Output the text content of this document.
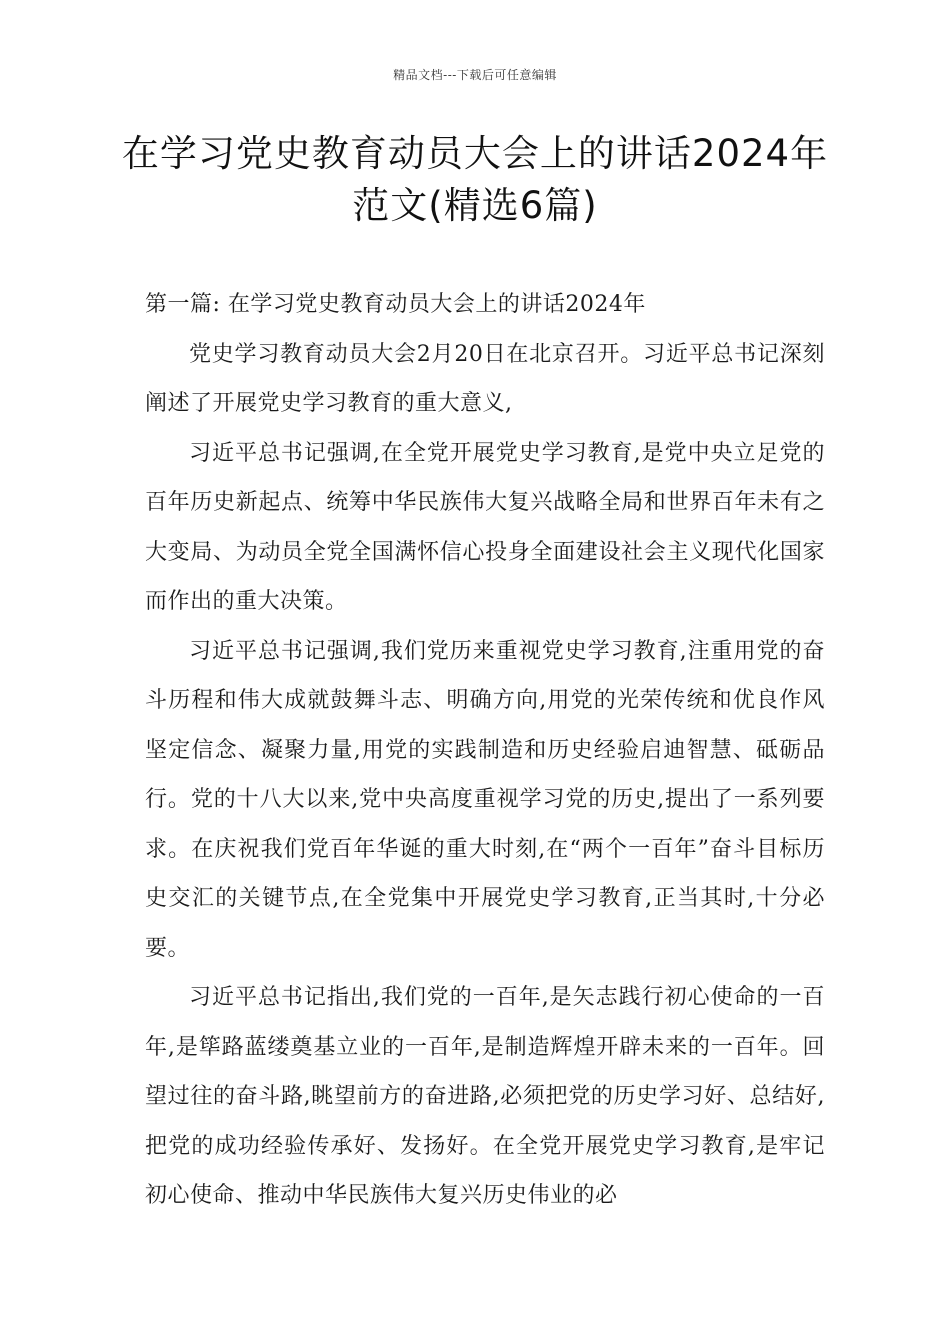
精品文档---下载后可任意编辑
在学习党史教育动员大会上的讲话2024年范文(精选6篇)

第一篇: 在学习党史教育动员大会上的讲话2024年

党史学习教育动员大会2月20日在北京召开。习近平总书记深刻阐述了开展党史学习教育的重大意义,

习近平总书记强调,在全党开展党史学习教育,是党中央立足党的百年历史新起点、统筹中华民族伟大复兴战略全局和世界百年未有之大变局、为动员全党全国满怀信心投身全面建设社会主义现代化国家而作出的重大决策。

习近平总书记强调,我们党历来重视党史学习教育,注重用党的奋斗历程和伟大成就鼓舞斗志、明确方向,用党的光荣传统和优良作风坚定信念、凝聚力量,用党的实践制造和历史经验启迪智慧、砥砺品行。党的十八大以来,党中央高度重视学习党的历史,提出了一系列要求。在庆祝我们党百年华诞的重大时刻,在“两个一百年”奋斗目标历史交汇的关键节点,在全党集中开展党史学习教育,正当其时,十分必要。

习近平总书记指出,我们党的一百年,是矢志践行初心使命的一百年,是筚路蓝缕奠基立业的一百年,是制造辉煌开辟未来的一百年。回望过往的奋斗路,眺望前方的奋进路,必须把党的历史学习好、总结好,把党的成功经验传承好、发扬好。在全党开展党史学习教育,是牢记初心使命、推动中华民族伟大复兴历史伟业的必
